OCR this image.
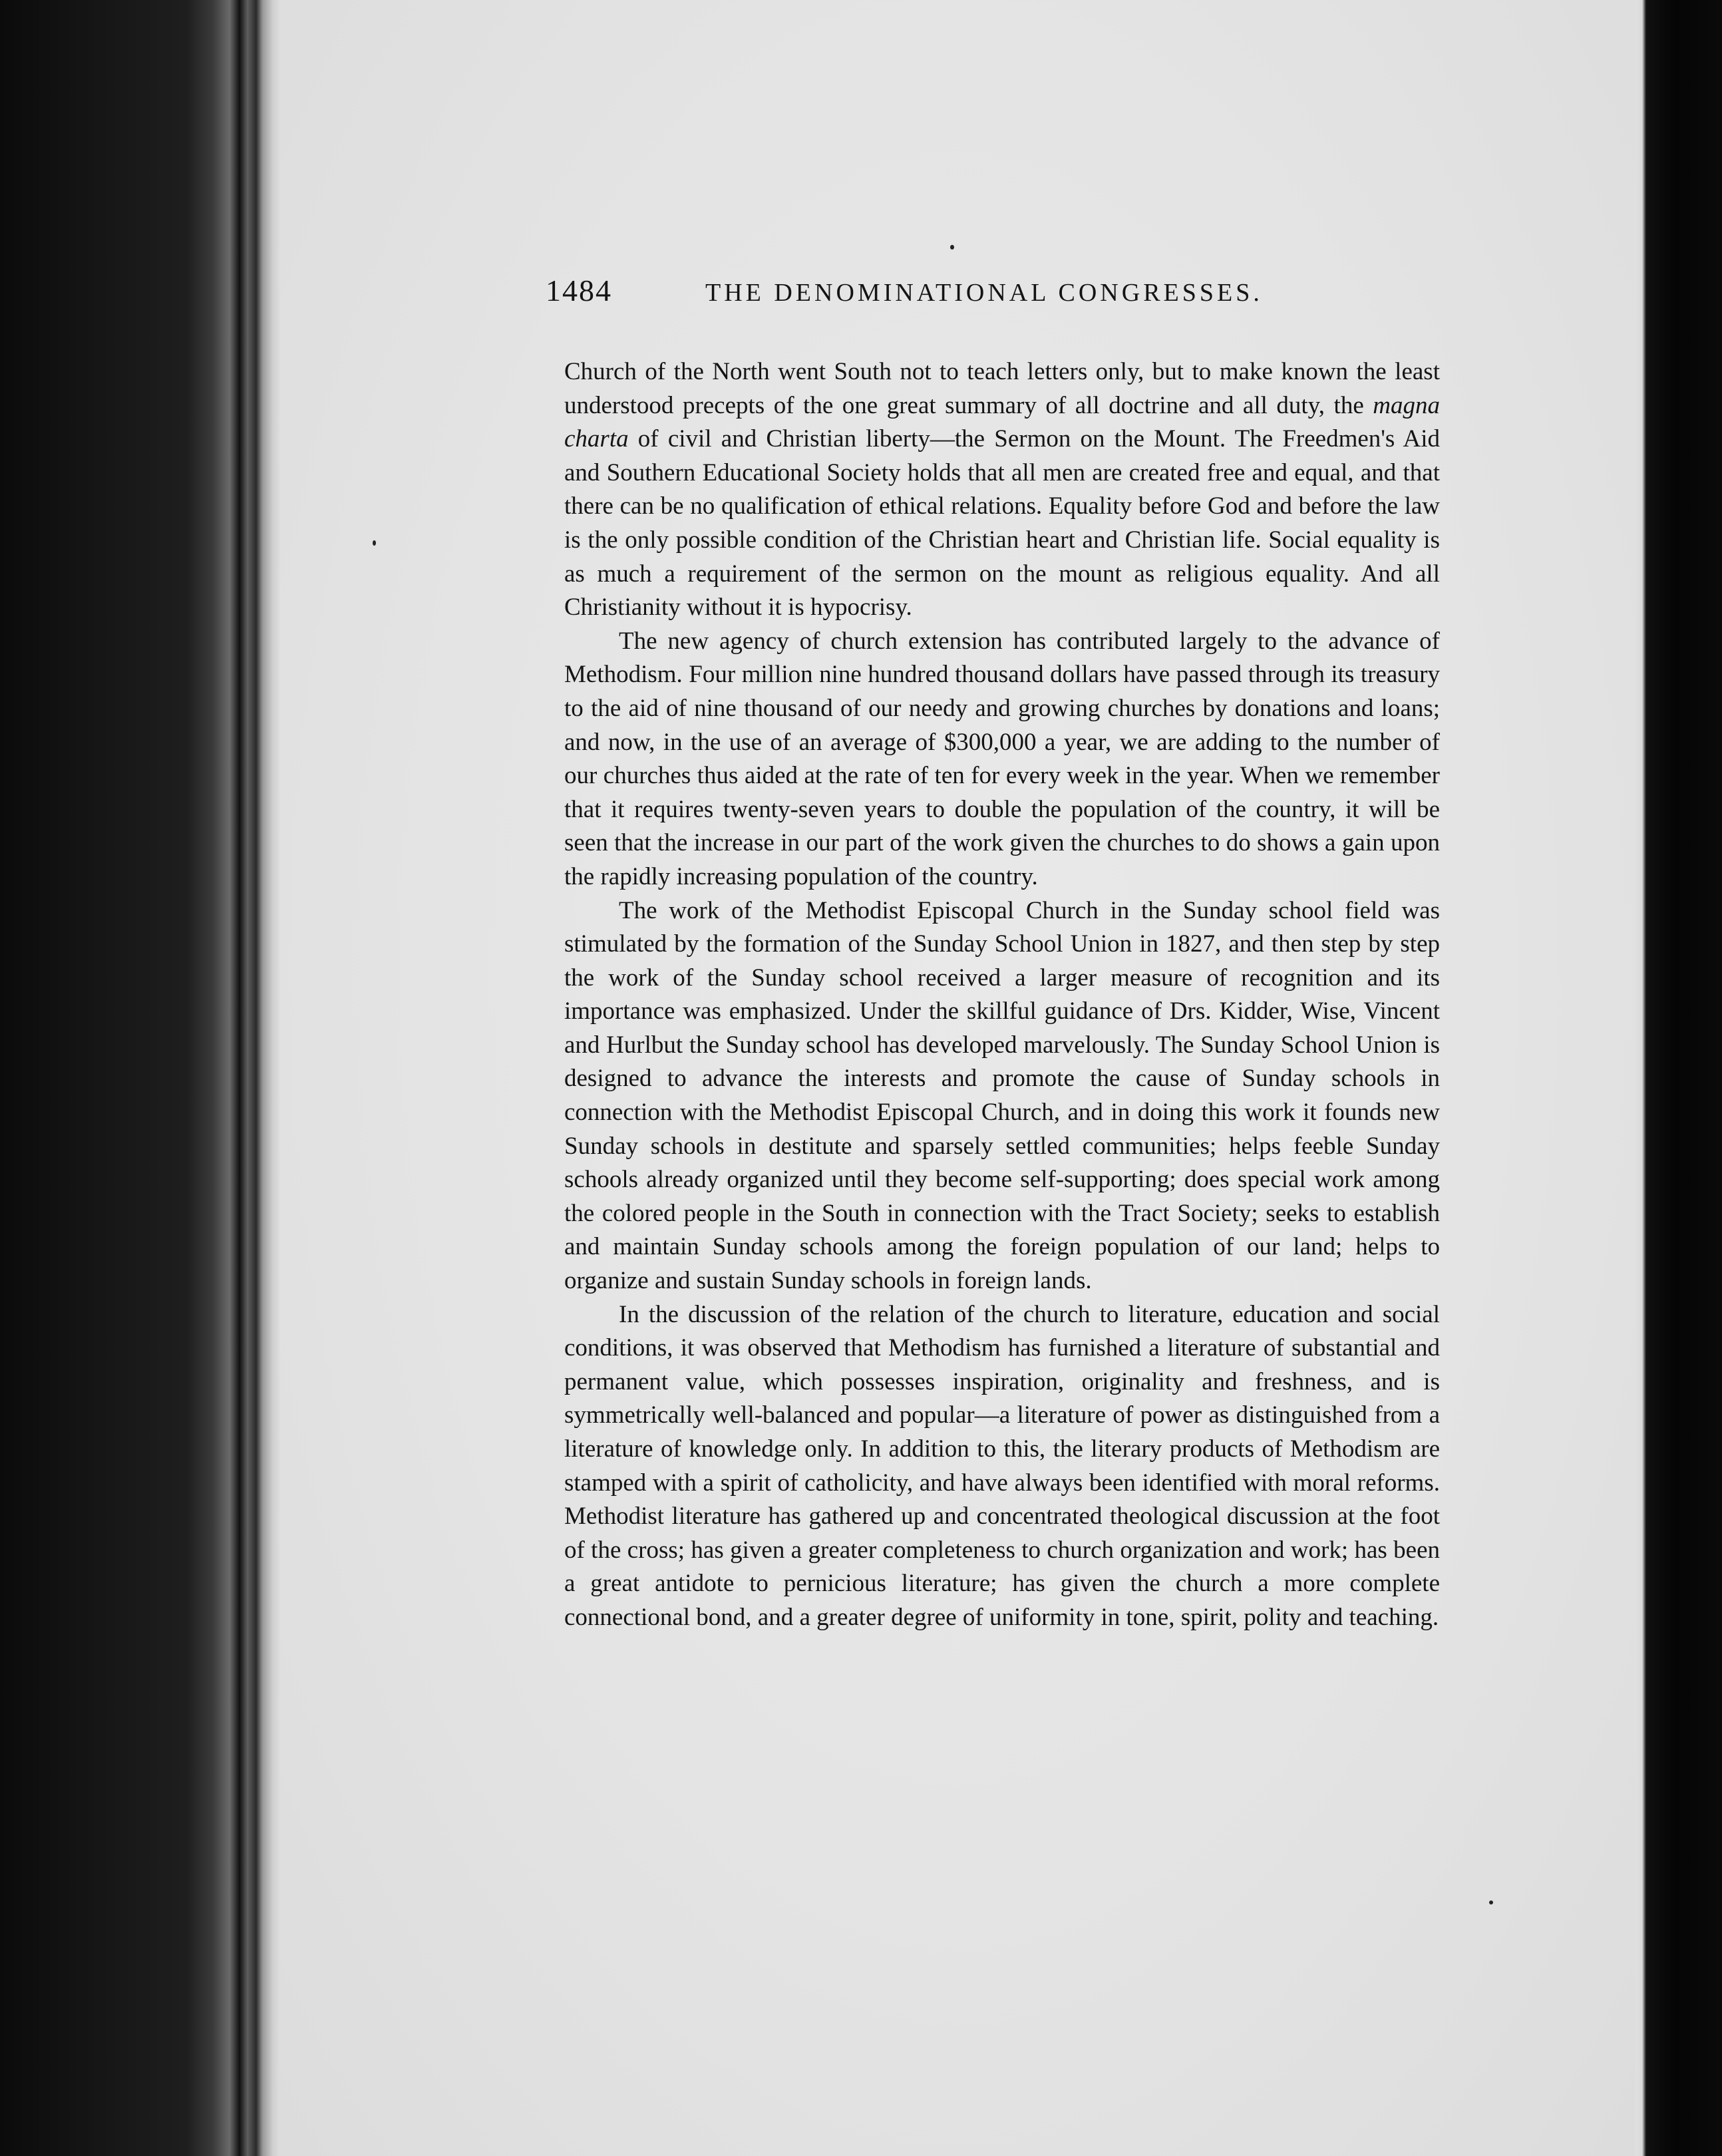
1484	THE DENOMINATIONAL CONGRESSES.

Church of the North went South not to teach letters only, but to make known the least understood precepts of the one great summary of all doctrine and all duty, the magna charta of civil and Christian liberty—the Sermon on the Mount. The Freedmen's Aid and Southern Educational Society holds that all men are created free and equal, and that there can be no qualification of ethical relations. Equality before God and before the law is the only possible condition of the Christian heart and Christian life. Social equality is as much a requirement of the sermon on the mount as religious equality. And all Christianity without it is hypocrisy.

The new agency of church extension has contributed largely to the advance of Methodism. Four million nine hundred thousand dollars have passed through its treasury to the aid of nine thousand of our needy and growing churches by donations and loans; and now, in the use of an average of $300,000 a year, we are adding to the number of our churches thus aided at the rate of ten for every week in the year. When we remember that it requires twenty-seven years to double the population of the country, it will be seen that the increase in our part of the work given the churches to do shows a gain upon the rapidly increasing population of the country.

The work of the Methodist Episcopal Church in the Sunday school field was stimulated by the formation of the Sunday School Union in 1827, and then step by step the work of the Sunday school received a larger measure of recognition and its importance was emphasized. Under the skillful guidance of Drs. Kidder, Wise, Vincent and Hurlbut the Sunday school has developed marvelously. The Sunday School Union is designed to advance the interests and promote the cause of Sunday schools in connection with the Methodist Episcopal Church, and in doing this work it founds new Sunday schools in destitute and sparsely settled communities; helps feeble Sunday schools already organized until they become self-supporting; does special work among the colored people in the South in connection with the Tract Society; seeks to establish and maintain Sunday schools among the foreign population of our land; helps to organize and sustain Sunday schools in foreign lands.

In the discussion of the relation of the church to literature, education and social conditions, it was observed that Methodism has furnished a literature of substantial and permanent value, which possesses inspiration, originality and freshness, and is symmetrically well-balanced and popular—a literature of power as distinguished from a literature of knowledge only. In addition to this, the literary products of Methodism are stamped with a spirit of catholicity, and have always been identified with moral reforms. Methodist literature has gathered up and concentrated theological discussion at the foot of the cross; has given a greater completeness to church organization and work; has been a great antidote to pernicious literature; has given the church a more complete connectional bond, and a greater degree of uniformity in tone, spirit, polity and teaching.
